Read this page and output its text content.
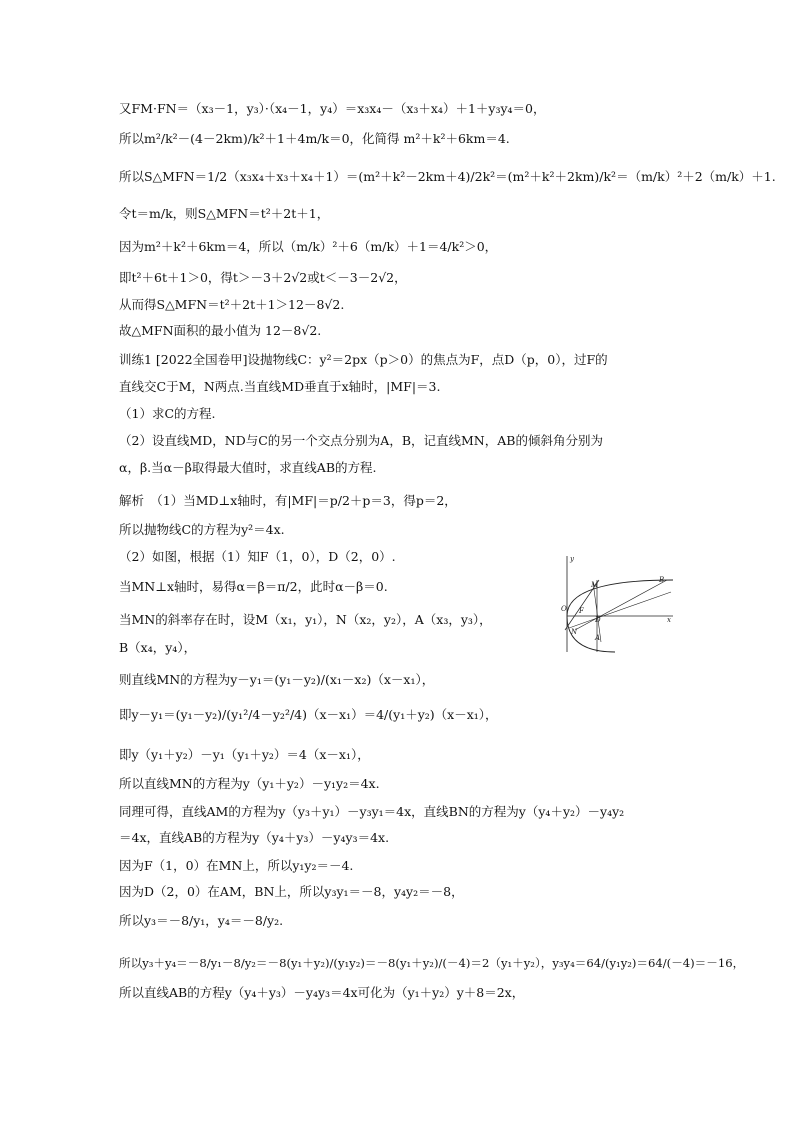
又FM·FN＝（x₃－1，y₃）·（x₄－1，y₄）＝x₃x₄－（x₃＋x₄）＋1＋y₃y₄＝0，
所以m²/k²－(4－2km)/k²＋1＋4m/k＝0，化简得 m²＋k²＋6km＝4.
所以S△MFN＝1/2（x₃x₄＋x₃＋x₄＋1）＝(m²＋k²－2km＋4)/2k²＝(m²＋k²＋2km)/k²＝（m/k）²＋2（m/k）＋1.
令t＝m/k，则S△MFN＝t²＋2t＋1，
因为m²＋k²＋6km＝4，所以（m/k）²＋6（m/k）＋1＝4/k²＞0，
即t²＋6t＋1＞0，得t＞－3＋2√2或t＜－3－2√2，
从而得S△MFN＝t²＋2t＋1＞12－8√2.
故△MFN面积的最小值为 12－8√2.
训练1 [2022全国卷甲]设抛物线C：y²＝2px（p＞0）的焦点为F，点D（p，0），过F的
直线交C于M，N两点.当直线MD垂直于x轴时，|MF|＝3.
（1）求C的方程.
（2）设直线MD，ND与C的另一个交点分别为A，B，记直线MN，AB的倾斜角分别为
α，β.当α－β取得最大值时，求直线AB的方程.
解析　（1）当MD⊥x轴时，有|MF|＝p/2＋p＝3，得p＝2，
所以抛物线C的方程为y²＝4x.
（2）如图，根据（1）知F（1，0），D（2，0）.
当MN⊥x轴时，易得α＝β＝π/2，此时α－β＝0.
当MN的斜率存在时，设M（x₁，y₁），N（x₂，y₂），A（x₃，y₃），
B（x₄，y₄），
则直线MN的方程为y－y₁＝(y₁－y₂)/(x₁－x₂)（x－x₁），
即y－y₁＝(y₁－y₂)/(y₁²/4－y₂²/4)（x－x₁）＝4/(y₁＋y₂)（x－x₁），
即y（y₁＋y₂）－y₁（y₁＋y₂）＝4（x－x₁），
所以直线MN的方程为y（y₁＋y₂）－y₁y₂＝4x.
同理可得，直线AM的方程为y（y₃＋y₁）－y₃y₁＝4x，直线BN的方程为y（y₄＋y₂）－y₄y₂
＝4x，直线AB的方程为y（y₄＋y₃）－y₄y₃＝4x.
因为F（1，0）在MN上，所以y₁y₂＝－4.
因为D（2，0）在AM，BN上，所以y₃y₁＝－8，y₄y₂＝－8，
所以y₃＝－8/y₁，y₄＝－8/y₂.
所以y₃＋y₄＝－8/y₁－8/y₂＝－8(y₁＋y₂)/(y₁y₂)＝－8(y₁＋y₂)/(－4)＝2（y₁＋y₂），y₃y₄＝64/(y₁y₂)＝64/(－4)＝－16，
所以直线AB的方程y（y₄＋y₃）－y₄y₃＝4x可化为（y₁＋y₂）y＋8＝2x，
x
y
O
M
F
D
B
N
A
